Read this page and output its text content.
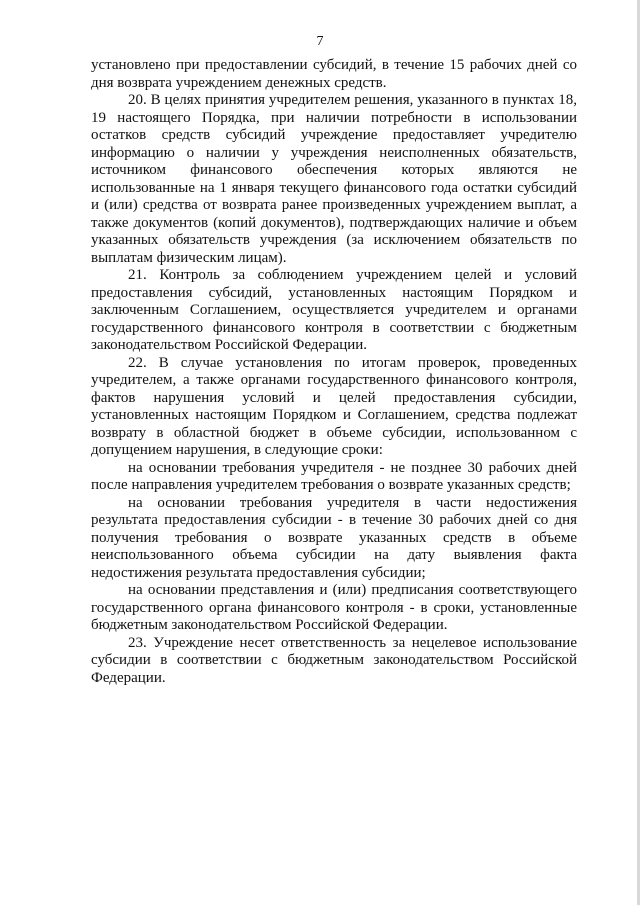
7

установлено при предоставлении субсидий, в течение 15 рабочих дней со дня возврата учреждением денежных средств.

20. В целях принятия учредителем решения, указанного в пунктах 18, 19 настоящего Порядка, при наличии потребности в использовании остатков средств субсидий учреждение предоставляет учредителю информацию о наличии у учреждения неисполненных обязательств, источником финансового обеспечения которых являются не использованные на 1 января текущего финансового года остатки субсидий и (или) средства от возврата ранее произведенных учреждением выплат, а также документов (копий документов), подтверждающих наличие и объем указанных обязательств учреждения (за исключением обязательств по выплатам физическим лицам).

21. Контроль за соблюдением учреждением целей и условий предоставления субсидий, установленных настоящим Порядком и заключенным Соглашением, осуществляется учредителем и органами государственного финансового контроля в соответствии с бюджетным законодательством Российской Федерации.

22. В случае установления по итогам проверок, проведенных учредителем, а также органами государственного финансового контроля, фактов нарушения условий и целей предоставления субсидии, установленных настоящим Порядком и Соглашением, средства подлежат возврату в областной бюджет в объеме субсидии, использованном с допущением нарушения, в следующие сроки:

на основании требования учредителя - не позднее 30 рабочих дней после направления учредителем требования о возврате указанных средств;

на основании требования учредителя в части недостижения результата предоставления субсидии - в течение 30 рабочих дней со дня получения требования о возврате указанных средств в объеме неиспользованного объема субсидии на дату выявления факта недостижения результата предоставления субсидии;

на основании представления и (или) предписания соответствующего государственного органа финансового контроля - в сроки, установленные бюджетным законодательством Российской Федерации.

23. Учреждение несет ответственность за нецелевое использование субсидии в соответствии с бюджетным законодательством Российской Федерации.
